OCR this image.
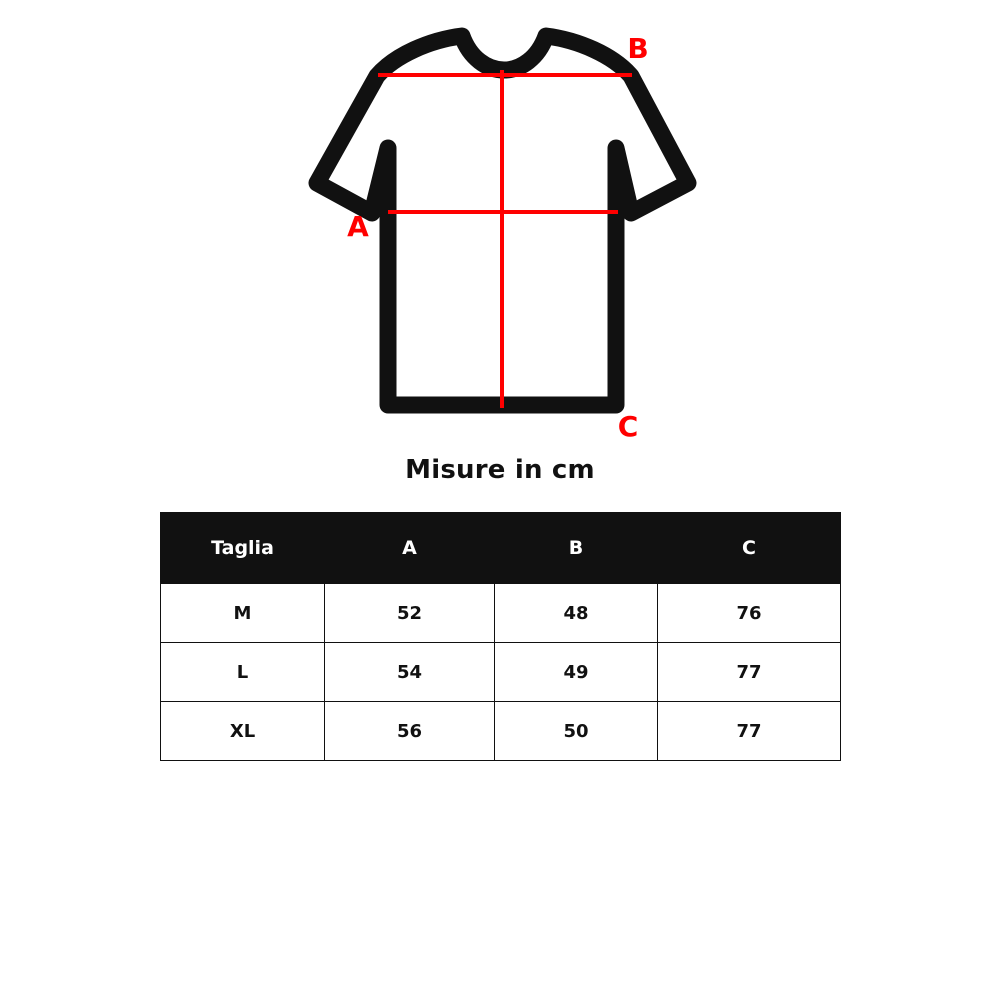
A
B
C
Misure in cm
Taglia	A	B	C
M	52	48	76
L	54	49	77
XL	56	50	77
